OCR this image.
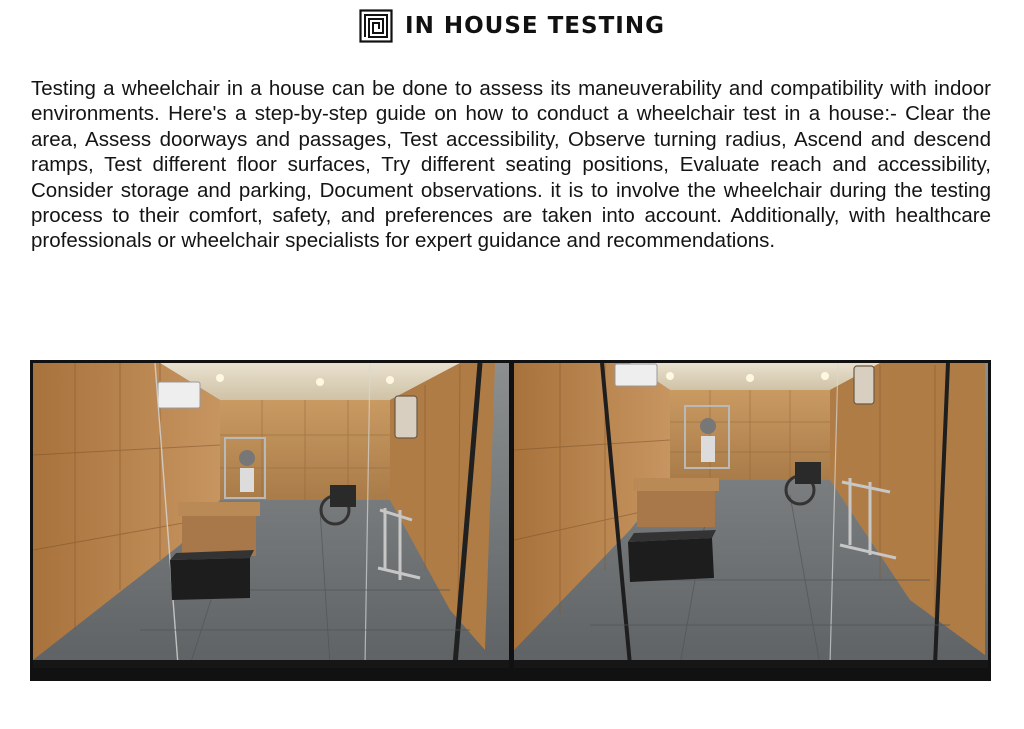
IN HOUSE TESTING

Testing a wheelchair in a house can be done to assess its maneuverability and compatibility with indoor environments. Here's a step-by-step guide on how to conduct a wheelchair test in a house:- Clear the area, Assess doorways and passages, Test accessibility, Observe turning radius, Ascend and descend ramps, Test different floor surfaces, Try different seating positions, Evaluate reach and accessibility, Consider storage and parking, Document observations. it is to involve the wheelchair during the testing process to their comfort, safety, and preferences are taken into account. Additionally, with healthcare professionals or wheelchair specialists for expert guidance and recommendations.
